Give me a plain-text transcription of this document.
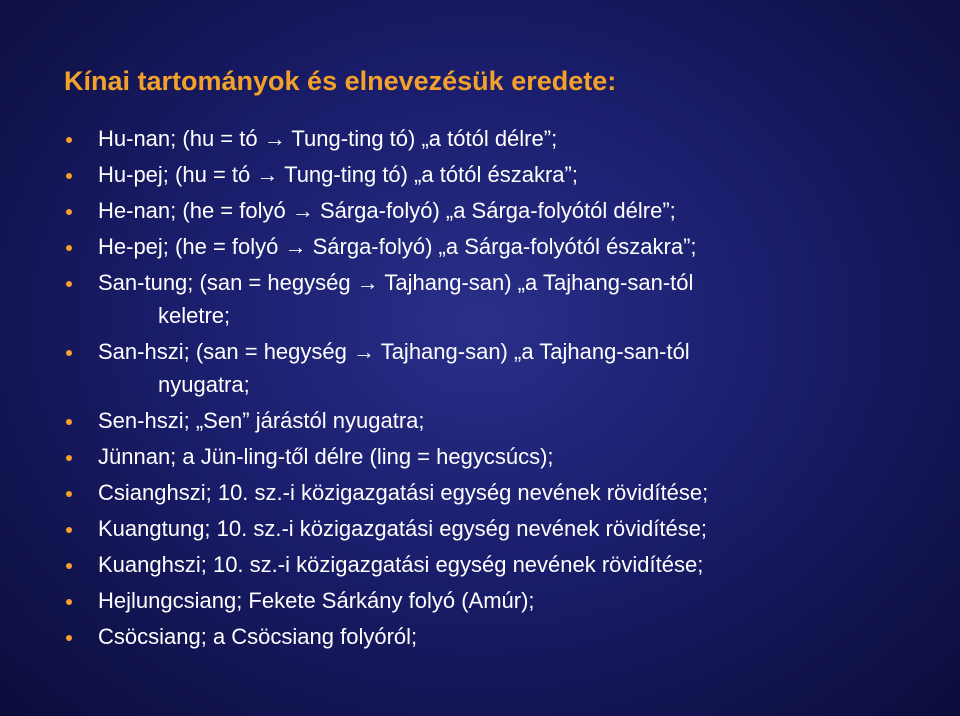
Kínai tartományok és elnevezésük eredete:
Hu-nan; (hu = tó → Tung-ting tó) „a tótól délre”;
Hu-pej; (hu = tó → Tung-ting tó) „a tótól északra”;
He-nan; (he = folyó → Sárga-folyó) „a Sárga-folyótól délre”;
He-pej; (he = folyó → Sárga-folyó) „a Sárga-folyótól északra”;
San-tung; (san = hegység → Tajhang-san) „a Tajhang-san-tól
keletre;
San-hszi; (san = hegység → Tajhang-san) „a Tajhang-san-tól
nyugatra;
Sen-hszi; „Sen” járástól nyugatra;
Jünnan; a Jün-ling-től délre (ling = hegycsúcs);
Csianghszi; 10. sz.-i közigazgatási egység nevének rövidítése;
Kuangtung; 10. sz.-i közigazgatási egység nevének rövidítése;
Kuanghszi; 10. sz.-i közigazgatási egység nevének rövidítése;
Hejlungcsiang; Fekete Sárkány folyó (Amúr);
Csöcsiang; a Csöcsiang folyóról;
